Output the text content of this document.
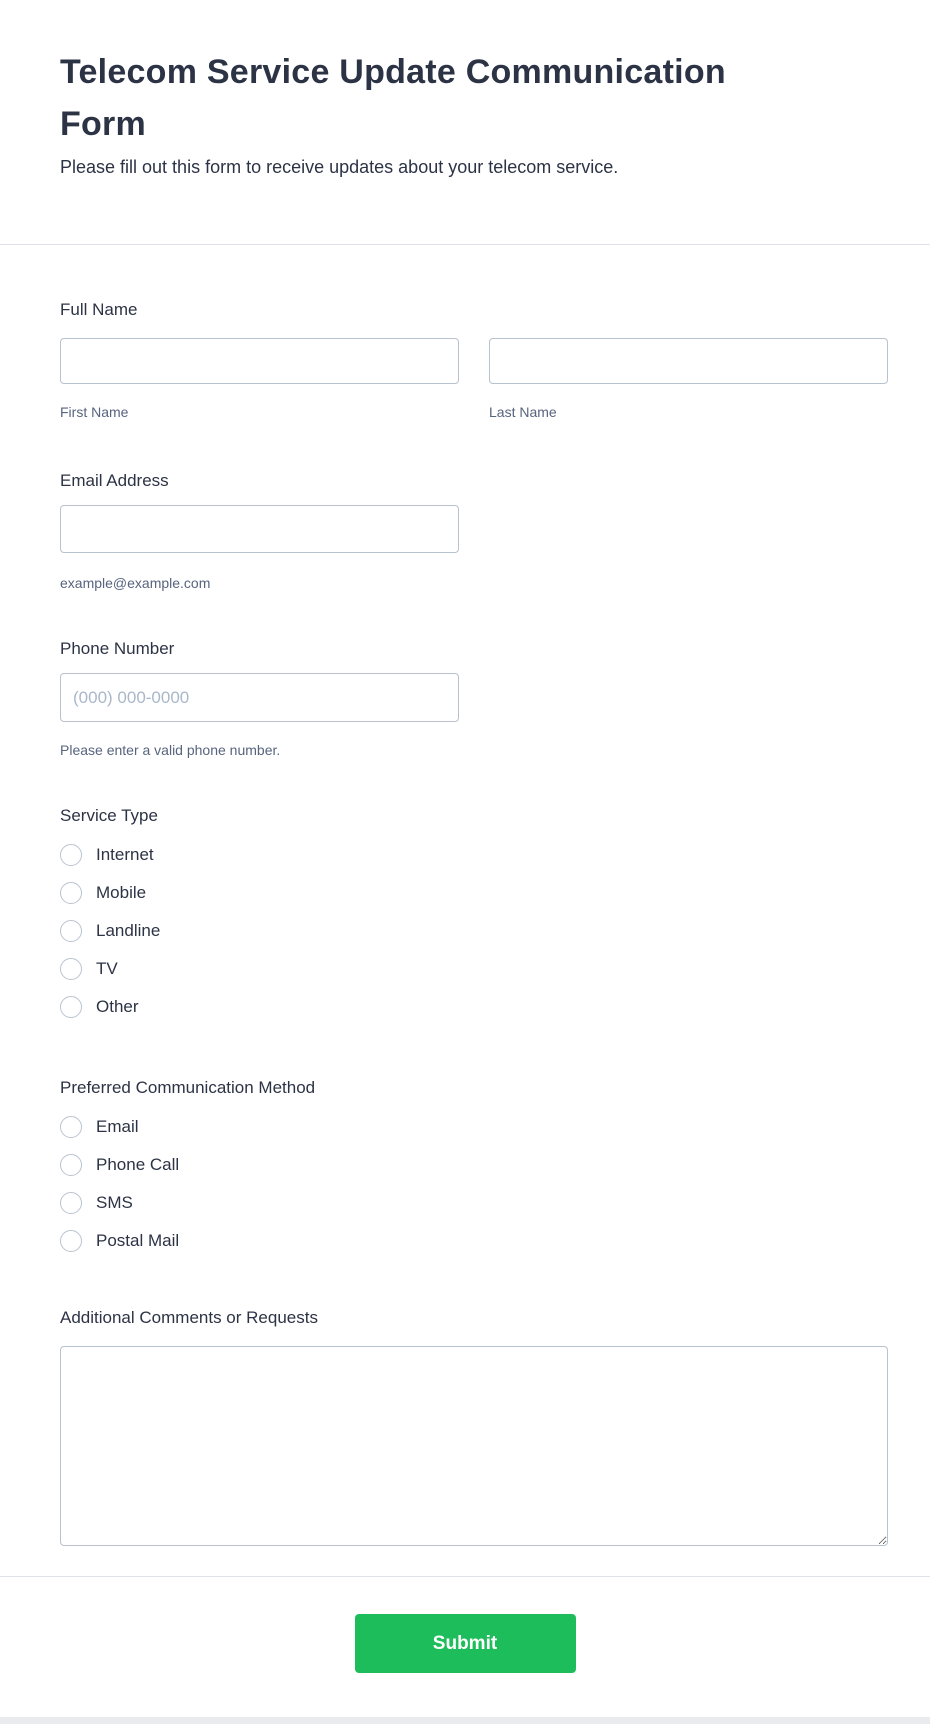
Telecom Service Update Communication Form
Please fill out this form to receive updates about your telecom service.
Full Name
First Name	Last Name
Email Address
example@example.com
Phone Number
(000) 000-0000
Please enter a valid phone number.
Service Type
Internet
Mobile
Landline
TV
Other
Preferred Communication Method
Email
Phone Call
SMS
Postal Mail
Additional Comments or Requests
Submit
